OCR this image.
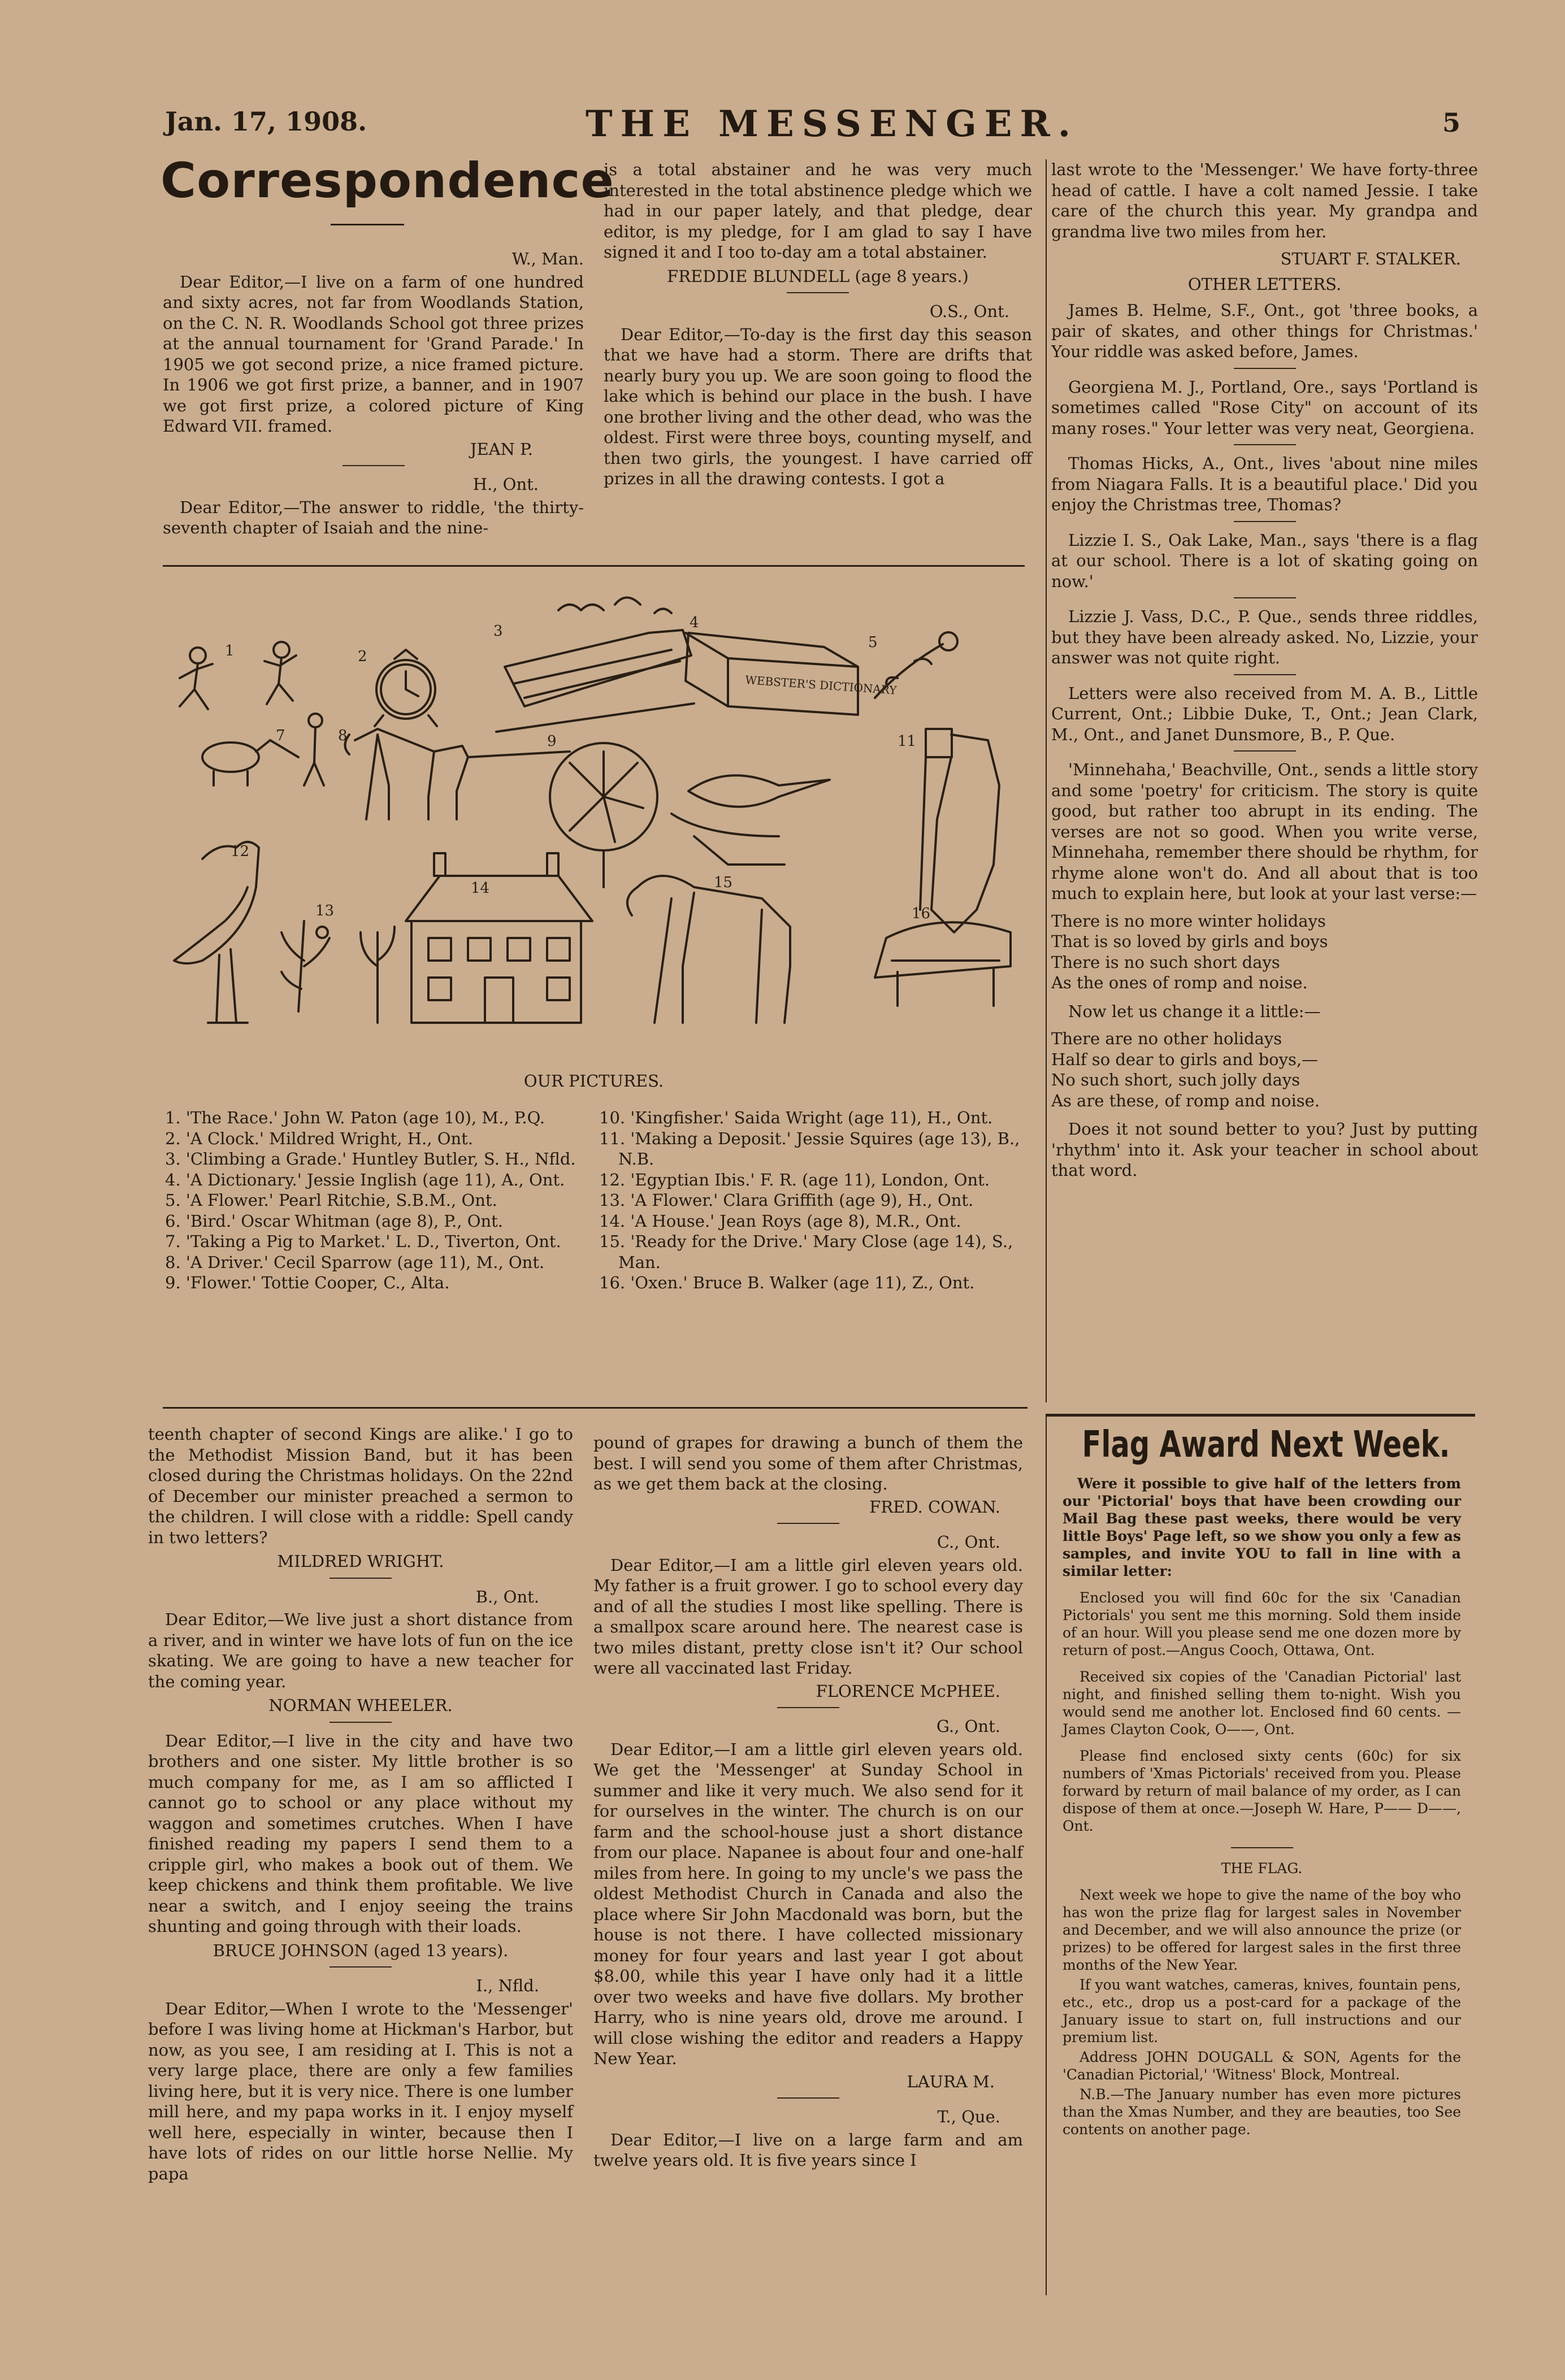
Jan. 17, 1908.	THE MESSENGER.	5
Correspondence

W., Man.

Dear Editor,—I live on a farm of one hundred and sixty acres, not far from Woodlands Station, on the C. N. R. Woodlands School got three prizes at the annual tournament for 'Grand Parade.' In 1905 we got second prize, a nice framed picture. In 1906 we got first prize, a banner, and in 1907 we got first prize, a colored picture of King Edward VII. framed.

JEAN P.

H., Ont.

Dear Editor,—The answer to riddle, 'the thirty-seventh chapter of Isaiah and the nine-

is a total abstainer and he was very much interested in the total abstinence pledge which we had in our paper lately, and that pledge, dear editor, is my pledge, for I am glad to say I have signed it and I too to-day am a total abstainer.

FREDDIE BLUNDELL (age 8 years.)

O.S., Ont.

Dear Editor,—To-day is the first day this season that we have had a storm. There are drifts that nearly bury you up. We are soon going to flood the lake which is behind our place in the bush. I have one brother living and the other dead, who was the oldest. First were three boys, counting myself, and then two girls, the youngest. I have carried off prizes in all the drawing contests. I got a

last wrote to the 'Messenger.' We have forty-three head of cattle. I have a colt named Jessie. I take care of the church this year. My grandpa and grandma live two miles from her.

STUART F. STALKER.

OTHER LETTERS.

James B. Helme, S.F., Ont., got 'three books, a pair of skates, and other things for Christmas.' Your riddle was asked before, James.

Georgiena M. J., Portland, Ore., says 'Portland is sometimes called "Rose City" on account of its many roses." Your letter was very neat, Georgiena.

Thomas Hicks, A., Ont., lives 'about nine miles from Niagara Falls. It is a beautiful place.' Did you enjoy the Christmas tree, Thomas?

Lizzie I. S., Oak Lake, Man., says 'there is a flag at our school. There is a lot of skating going on now.'

Lizzie J. Vass, D.C., P. Que., sends three riddles, but they have been already asked. No, Lizzie, your answer was not quite right.

Letters were also received from M. A. B., Little Current, Ont.; Libbie Duke, T., Ont.; Jean Clark, M., Ont., and Janet Dunsmore, B., P. Que.

'Minnehaha,' Beachville, Ont., sends a little story and some 'poetry' for criticism. The story is quite good, but rather too abrupt in its ending. The verses are not so good. When you write verse, Minnehaha, remember there should be rhythm, for rhyme alone won't do. And all about that is too much to explain here, but look at your last verse:—

There is no more winter holidays
That is so loved by girls and boys
There is no such short days
As the ones of romp and noise.

Now let us change it a little:—

There are no other holidays
Half so dear to girls and boys,—
No such short, such jolly days
As are these, of romp and noise.

Does it not sound better to you? Just by putting 'rhythm' into it. Ask your teacher in school about that word.

WEBSTER'S DICTIONARY
1	2
3	4
5
7	8	9	11
12
13
14	15
16
OUR PICTURES.

1. 'The Race.' John W. Paton (age 10), M., P.Q.

2. 'A Clock.' Mildred Wright, H., Ont.

3. 'Climbing a Grade.' Huntley Butler, S. H., Nfld.

4. 'A Dictionary.' Jessie Inglish (age 11), A., Ont.

5. 'A Flower.' Pearl Ritchie, S.B.M., Ont.

6. 'Bird.' Oscar Whitman (age 8), P., Ont.

7. 'Taking a Pig to Market.' L. D., Tiverton, Ont.

8. 'A Driver.' Cecil Sparrow (age 11), M., Ont.

9. 'Flower.' Tottie Cooper, C., Alta.

10. 'Kingfisher.' Saida Wright (age 11), H., Ont.

11. 'Making a Deposit.' Jessie Squires (age 13), B., N.B.

12. 'Egyptian Ibis.' F. R. (age 11), London, Ont.

13. 'A Flower.' Clara Griffith (age 9), H., Ont.

14. 'A House.' Jean Roys (age 8), M.R., Ont.

15. 'Ready for the Drive.' Mary Close (age 14), S., Man.

16. 'Oxen.' Bruce B. Walker (age 11), Z., Ont.

teenth chapter of second Kings are alike.' I go to the Methodist Mission Band, but it has been closed during the Christmas holidays. On the 22nd of December our minister preached a sermon to the children. I will close with a riddle: Spell candy in two letters?

MILDRED WRIGHT.

B., Ont.

Dear Editor,—We live just a short distance from a river, and in winter we have lots of fun on the ice skating. We are going to have a new teacher for the coming year.

NORMAN WHEELER.

Dear Editor,—I live in the city and have two brothers and one sister. My little brother is so much company for me, as I am so afflicted I cannot go to school or any place without my waggon and sometimes crutches. When I have finished reading my papers I send them to a cripple girl, who makes a book out of them. We keep chickens and think them profitable. We live near a switch, and I enjoy seeing the trains shunting and going through with their loads.

BRUCE JOHNSON (aged 13 years).

I., Nfld.

Dear Editor,—When I wrote to the 'Messenger' before I was living home at Hickman's Harbor, but now, as you see, I am residing at I. This is not a very large place, there are only a few families living here, but it is very nice. There is one lumber mill here, and my papa works in it. I enjoy myself well here, especially in winter, because then I have lots of rides on our little horse Nellie. My papa

pound of grapes for drawing a bunch of them the best. I will send you some of them after Christmas, as we get them back at the closing.

FRED. COWAN.

C., Ont.

Dear Editor,—I am a little girl eleven years old. My father is a fruit grower. I go to school every day and of all the studies I most like spelling. There is a smallpox scare around here. The nearest case is two miles distant, pretty close isn't it? Our school were all vaccinated last Friday.

FLORENCE McPHEE.

G., Ont.

Dear Editor,—I am a little girl eleven years old. We get the 'Messenger' at Sunday School in summer and like it very much. We also send for it for ourselves in the winter. The church is on our farm and the school-house just a short distance from our place. Napanee is about four and one-half miles from here. In going to my uncle's we pass the oldest Methodist Church in Canada and also the place where Sir John Macdonald was born, but the house is not there. I have collected missionary money for four years and last year I got about $8.00, while this year I have only had it a little over two weeks and have five dollars. My brother Harry, who is nine years old, drove me around. I will close wishing the editor and readers a Happy New Year.

LAURA M.

T., Que.

Dear Editor,—I live on a large farm and am twelve years old. It is five years since I

Flag Award Next Week.

Were it possible to give half of the letters from our 'Pictorial' boys that have been crowding our Mail Bag these past weeks, there would be very little Boys' Page left, so we show you only a few as samples, and invite YOU to fall in line with a similar letter:

Enclosed you will find 60c for the six 'Canadian Pictorials' you sent me this morning. Sold them inside of an hour. Will you please send me one dozen more by return of post.—Angus Cooch, Ottawa, Ont.

Received six copies of the 'Canadian Pictorial' last night, and finished selling them to-night. Wish you would send me another lot. Enclosed find 60 cents. — James Clayton Cook, O——, Ont.

Please find enclosed sixty cents (60c) for six numbers of 'Xmas Pictorials' received from you. Please forward by return of mail balance of my order, as I can dispose of them at once.—Joseph W. Hare, P—— D——, Ont.

THE FLAG.

Next week we hope to give the name of the boy who has won the prize flag for largest sales in November and December, and we will also announce the prize (or prizes) to be offered for largest sales in the first three months of the New Year.

If you want watches, cameras, knives, fountain pens, etc., etc., drop us a post-card for a package of the January issue to start on, full instructions and our premium list.

Address JOHN DOUGALL & SON, Agents for the 'Canadian Pictorial,' 'Witness' Block, Montreal.

N.B.—The January number has even more pictures than the Xmas Number, and they are beauties, too See contents on another page.
